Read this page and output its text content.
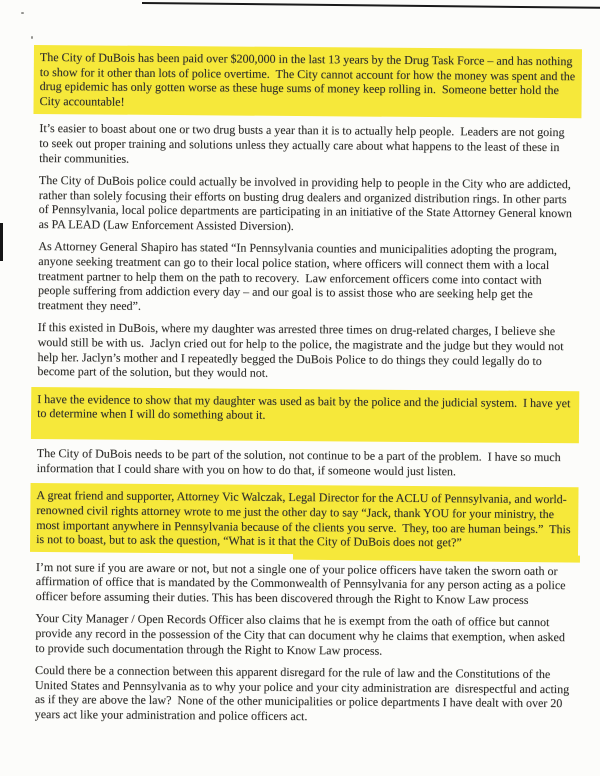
The City of DuBois has been paid over $200,000 in the last 13 years by the Drug Task Force – and has nothing to show for it other than lots of police overtime.  The City cannot account for how the money was spent and the drug epidemic has only gotten worse as these huge sums of money keep rolling in.  Someone better hold the City accountable!

It’s easier to boast about one or two drug busts a year than it is to actually help people.  Leaders are not going to seek out proper training and solutions unless they actually care about what happens to the least of these in their communities.

The City of DuBois police could actually be involved in providing help to people in the City who are addicted, rather than solely focusing their efforts on busting drug dealers and organized distribution rings. In other parts of Pennsylvania, local police departments are participating in an initiative of the State Attorney General known as PA LEAD (Law Enforcement Assisted Diversion).

As Attorney General Shapiro has stated “In Pennsylvania counties and municipalities adopting the program, anyone seeking treatment can go to their local police station, where officers will connect them with a local treatment partner to help them on the path to recovery.  Law enforcement officers come into contact with people suffering from addiction every day – and our goal is to assist those who are seeking help get the treatment they need”.

If this existed in DuBois, where my daughter was arrested three times on drug-related charges, I believe she would still be with us.  Jaclyn cried out for help to the police, the magistrate and the judge but they would not help her. Jaclyn’s mother and I repeatedly begged the DuBois Police to do things they could legally do to become part of the solution, but they would not.

I have the evidence to show that my daughter was used as bait by the police and the judicial system.  I have yet to determine when I will do something about it.

The City of DuBois needs to be part of the solution, not continue to be a part of the problem.  I have so much information that I could share with you on how to do that, if someone would just listen.

A great friend and supporter, Attorney Vic Walczak, Legal Director for the ACLU of Pennsylvania, and world-renowned civil rights attorney wrote to me just the other day to say “Jack, thank YOU for your ministry, the most important anywhere in Pennsylvania because of the clients you serve.  They, too are human beings.”  This is not to boast, but to ask the question, “What is it that the City of DuBois does not get?”

I’m not sure if you are aware or not, but not a single one of your police officers have taken the sworn oath or affirmation of office that is mandated by the Commonwealth of Pennsylvania for any person acting as a police officer before assuming their duties. This has been discovered through the Right to Know Law process

Your City Manager / Open Records Officer also claims that he is exempt from the oath of office but cannot provide any record in the possession of the City that can document why he claims that exemption, when asked to provide such documentation through the Right to Know Law process.

Could there be a connection between this apparent disregard for the rule of law and the Constitutions of the United States and Pennsylvania as to why your police and your city administration are  disrespectful and acting as if they are above the law?  None of the other municipalities or police departments I have dealt with over 20 years act like your administration and police officers act.
